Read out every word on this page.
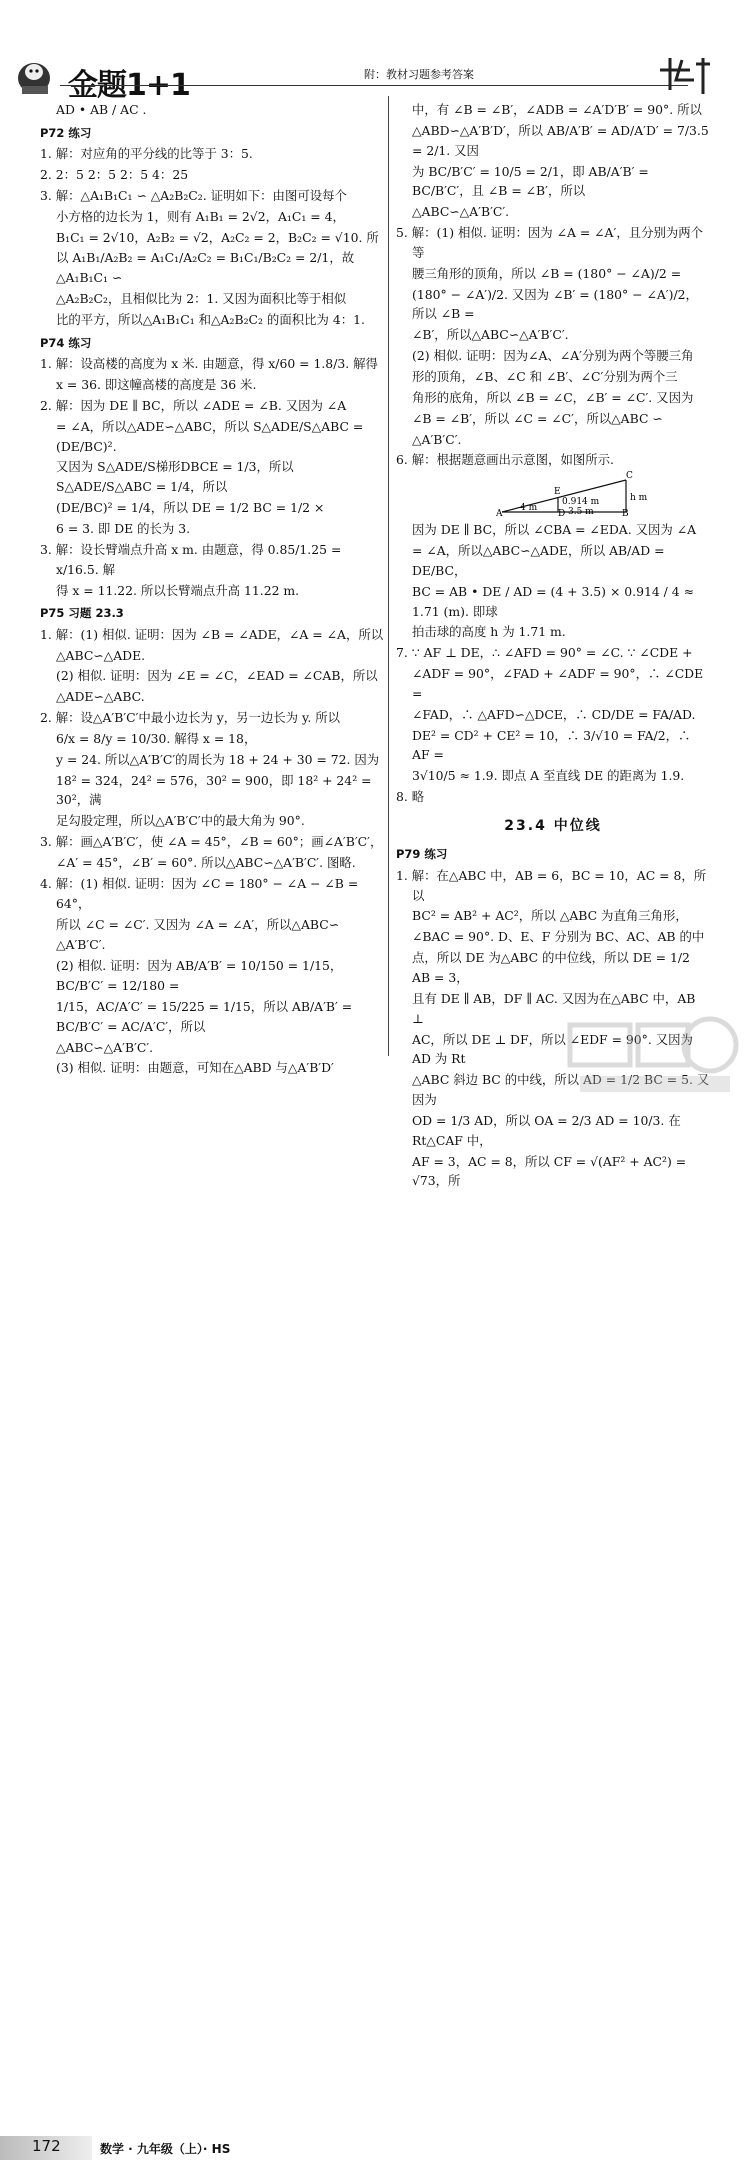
金题1+1	附：教材习题参考答案
AD • AB / AC .
P72 练习
1. 解：对应角的平分线的比等于 3：5.
2. 2：5 2：5 2：5 4：25
3. 解：△A₁B₁C₁ ∽ △A₂B₂C₂. 证明如下：由图可设每个
小方格的边长为 1，则有 A₁B₁ = 2√2，A₁C₁ = 4，
B₁C₁ = 2√10，A₂B₂ = √2，A₂C₂ = 2，B₂C₂ = √10. 所
以 A₁B₁/A₂B₂ = A₁C₁/A₂C₂ = B₁C₁/B₂C₂ = 2/1，故 △A₁B₁C₁ ∽
△A₂B₂C₂，且相似比为 2：1. 又因为面积比等于相似
比的平方，所以△A₁B₁C₁ 和△A₂B₂C₂ 的面积比为 4：1.
P74 练习
1. 解：设高楼的高度为 x 米. 由题意，得 x/60 = 1.8/3. 解得
x = 36. 即这幢高楼的高度是 36 米.
2. 解：因为 DE ∥ BC，所以 ∠ADE = ∠B. 又因为 ∠A
= ∠A，所以△ADE∽△ABC，所以 S△ADE/S△ABC = (DE/BC)².
又因为 S△ADE/S梯形DBCE = 1/3，所以 S△ADE/S△ABC = 1/4，所以
(DE/BC)² = 1/4，所以 DE = 1/2 BC = 1/2 ×
6 = 3. 即 DE 的长为 3.
3. 解：设长臂端点升高 x m. 由题意，得 0.85/1.25 = x/16.5. 解
得 x = 11.22. 所以长臂端点升高 11.22 m.
P75 习题 23.3
1. 解：(1) 相似. 证明：因为 ∠B = ∠ADE，∠A = ∠A，所以
△ABC∽△ADE.
(2) 相似. 证明：因为 ∠E = ∠C，∠EAD = ∠CAB，所以
△ADE∽△ABC.
2. 解：设△A′B′C′中最小边长为 y，另一边长为 y. 所以
6/x = 8/y = 10/30. 解得 x = 18，
y = 24. 所以△A′B′C′的周长为 18 + 24 + 30 = 72. 因为
18² = 324，24² = 576，30² = 900，即 18² + 24² = 30²，满
足勾股定理，所以△A′B′C′中的最大角为 90°.
3. 解：画△A′B′C′，使 ∠A = 45°，∠B = 60°；画∠A′B′C′，
∠A′ = 45°，∠B′ = 60°. 所以△ABC∽△A′B′C′. 图略.
4. 解：(1) 相似. 证明：因为 ∠C = 180° − ∠A − ∠B = 64°，
所以 ∠C = ∠C′. 又因为 ∠A = ∠A′，所以△ABC∽
△A′B′C′.
(2) 相似. 证明：因为 AB/A′B′ = 10/150 = 1/15，BC/B′C′ = 12/180 =
1/15，AC/A′C′ = 15/225 = 1/15，所以 AB/A′B′ = BC/B′C′ = AC/A′C′，所以
△ABC∽△A′B′C′.
(3) 相似. 证明：由题意，可知在△ABD 与△A′B′D′
中，有 ∠B = ∠B′，∠ADB = ∠A′D′B′ = 90°. 所以
△ABD∽△A′B′D′，所以 AB/A′B′ = AD/A′D′ = 7/3.5 = 2/1. 又因
为 BC/B′C′ = 10/5 = 2/1，即 AB/A′B′ = BC/B′C′，且 ∠B = ∠B′，所以
△ABC∽△A′B′C′.
5. 解：(1) 相似. 证明：因为 ∠A = ∠A′，且分别为两个等
腰三角形的顶角，所以 ∠B = (180° − ∠A)/2 =
(180° − ∠A′)/2. 又因为 ∠B′ = (180° − ∠A′)/2，所以 ∠B =
∠B′，所以△ABC∽△A′B′C′.
(2) 相似. 证明：因为∠A、∠A′分别为两个等腰三角
形的顶角，∠B、∠C 和 ∠B′、∠C′分别为两个三
角形的底角，所以 ∠B = ∠C，∠B′ = ∠C′. 又因为
∠B = ∠B′，所以 ∠C = ∠C′，所以△ABC ∽
△A′B′C′.
6. 解：根据题意画出示意图，如图所示.
A	B
C
D
E
h m
0.914 m
4 m	3.5 m
因为 DE ∥ BC，所以 ∠CBA = ∠EDA. 又因为 ∠A
= ∠A，所以△ABC∽△ADE，所以 AB/AD = DE/BC，
BC = AB • DE / AD = (4 + 3.5) × 0.914 / 4 ≈ 1.71 (m). 即球
拍击球的高度 h 为 1.71 m.
7. ∵ AF ⊥ DE，∴ ∠AFD = 90° = ∠C. ∵ ∠CDE +
∠ADF = 90°，∠FAD + ∠ADF = 90°，∴ ∠CDE =
∠FAD，∴ △AFD∽△DCE，∴ CD/DE = FA/AD.
DE² = CD² + CE² = 10，∴ 3/√10 = FA/2，∴ AF =
3√10/5 ≈ 1.9. 即点 A 至直线 DE 的距离为 1.9.
8. 略
23.4 中位线
P79 练习
1. 解：在△ABC 中，AB = 6，BC = 10，AC = 8，所以
BC² = AB² + AC²，所以 △ABC 为直角三角形，
∠BAC = 90°. D、E、F 分别为 BC、AC、AB 的中
点，所以 DE 为△ABC 的中位线，所以 DE = 1/2 AB = 3，
且有 DE ∥ AB，DF ∥ AC. 又因为在△ABC 中，AB ⊥
AC，所以 DE ⊥ DF，所以 ∠EDF = 90°. 又因为 AD 为 Rt
△ABC 斜边 BC 的中线，所以 AD = 1/2 BC = 5. 又因为
OD = 1/3 AD，所以 OA = 2/3 AD = 10/3. 在 Rt△CAF 中，
AF = 3，AC = 8，所以 CF = √(AF² + AC²) = √73，所
172	数学 · 九年级（上）· HS
